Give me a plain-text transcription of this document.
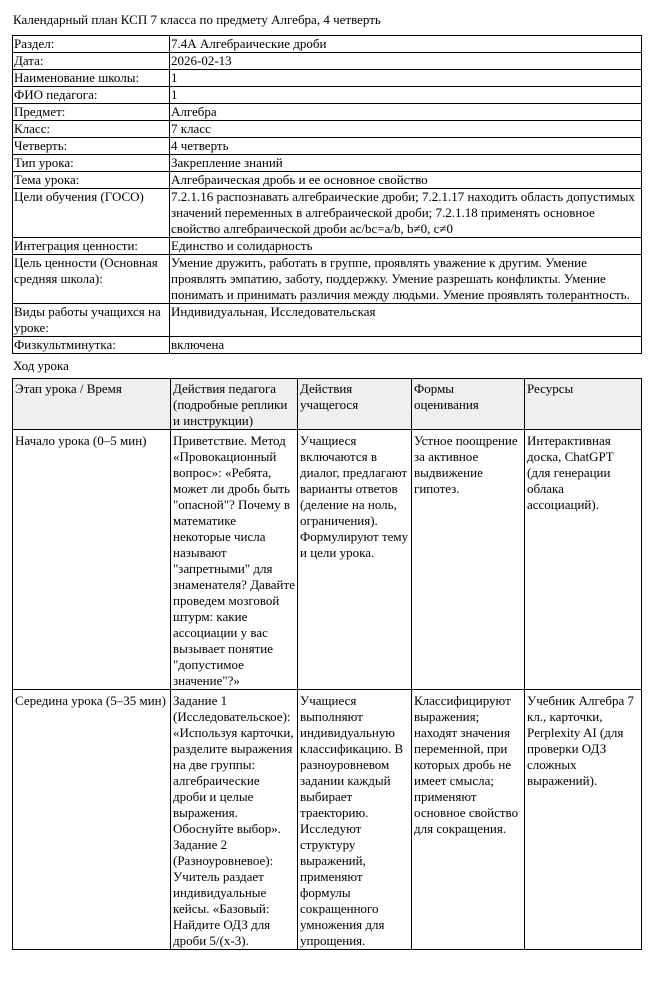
Календарный план КСП 7 класса по предмету Алгебра, 4 четверть
Раздел:	7.4А Алгебраические дроби
Дата:	2026-02-13
Наименование школы:	1
ФИО педагога:	1
Предмет:	Алгебра
Класс:	7 класс
Четверть:	4 четверть
Тип урока:	Закрепление знаний
Тема урока:	Алгебраическая дробь и ее основное свойство
Цели обучения (ГОСО)	7.2.1.16 распознавать алгебраические дроби; 7.2.1.17 находить область допустимых значений переменных в алгебраической дроби; 7.2.1.18 применять основное свойство алгебраической дроби ac/bc=a/b, b≠0, c≠0
Интеграция ценности:	Единство и солидарность
Цель ценности (Основная средняя школа):	Умение дружить, работать в группе, проявлять уважение к другим. Умение проявлять эмпатию, заботу, поддержку. Умение разрешать конфликты. Умение понимать и принимать различия между людьми. Умение проявлять толерантность.
Виды работы учащихся на уроке:	Индивидуальная, Исследовательская
Физкультминутка:	включена
Ход урока
Этап урока / Время	Действия педагога (подробные реплики и инструкции)	Действия учащегося	Формы оценивания	Ресурсы
Начало урока (0–5 мин)	Приветствие. Метод «Провокационный вопрос»: «Ребята, может ли дробь быть "опасной"? Почему в математике некоторые числа называют "запретными" для знаменателя? Давайте проведем мозговой штурм: какие ассоциации у вас вызывает понятие "допустимое значение"?»	Учащиеся включаются в диалог, предлагают варианты ответов (деление на ноль, ограничения). Формулируют тему и цели урока.	Устное поощрение за активное выдвижение гипотез.	Интерактивная доска, ChatGPT (для генерации облака ассоциаций).
Середина урока (5–35 мин)	Задание 1 (Исследовательское): «Используя карточки, разделите выражения на две группы: алгебраические дроби и целые выражения. Обоснуйте выбор». Задание 2 (Разноуровневое): Учитель раздает индивидуальные кейсы. «Базовый: Найдите ОДЗ для дроби 5/(x-3).	Учащиеся выполняют индивидуальную классификацию. В разноуровневом задании каждый выбирает траекторию. Исследуют структуру выражений, применяют формулы сокращенного умножения для упрощения.	Классифицируют выражения; находят значения переменной, при которых дробь не имеет смысла; применяют основное свойство для сокращения.	Учебник Алгебра 7 кл., карточки, Perplexity AI (для проверки ОДЗ сложных выражений).
